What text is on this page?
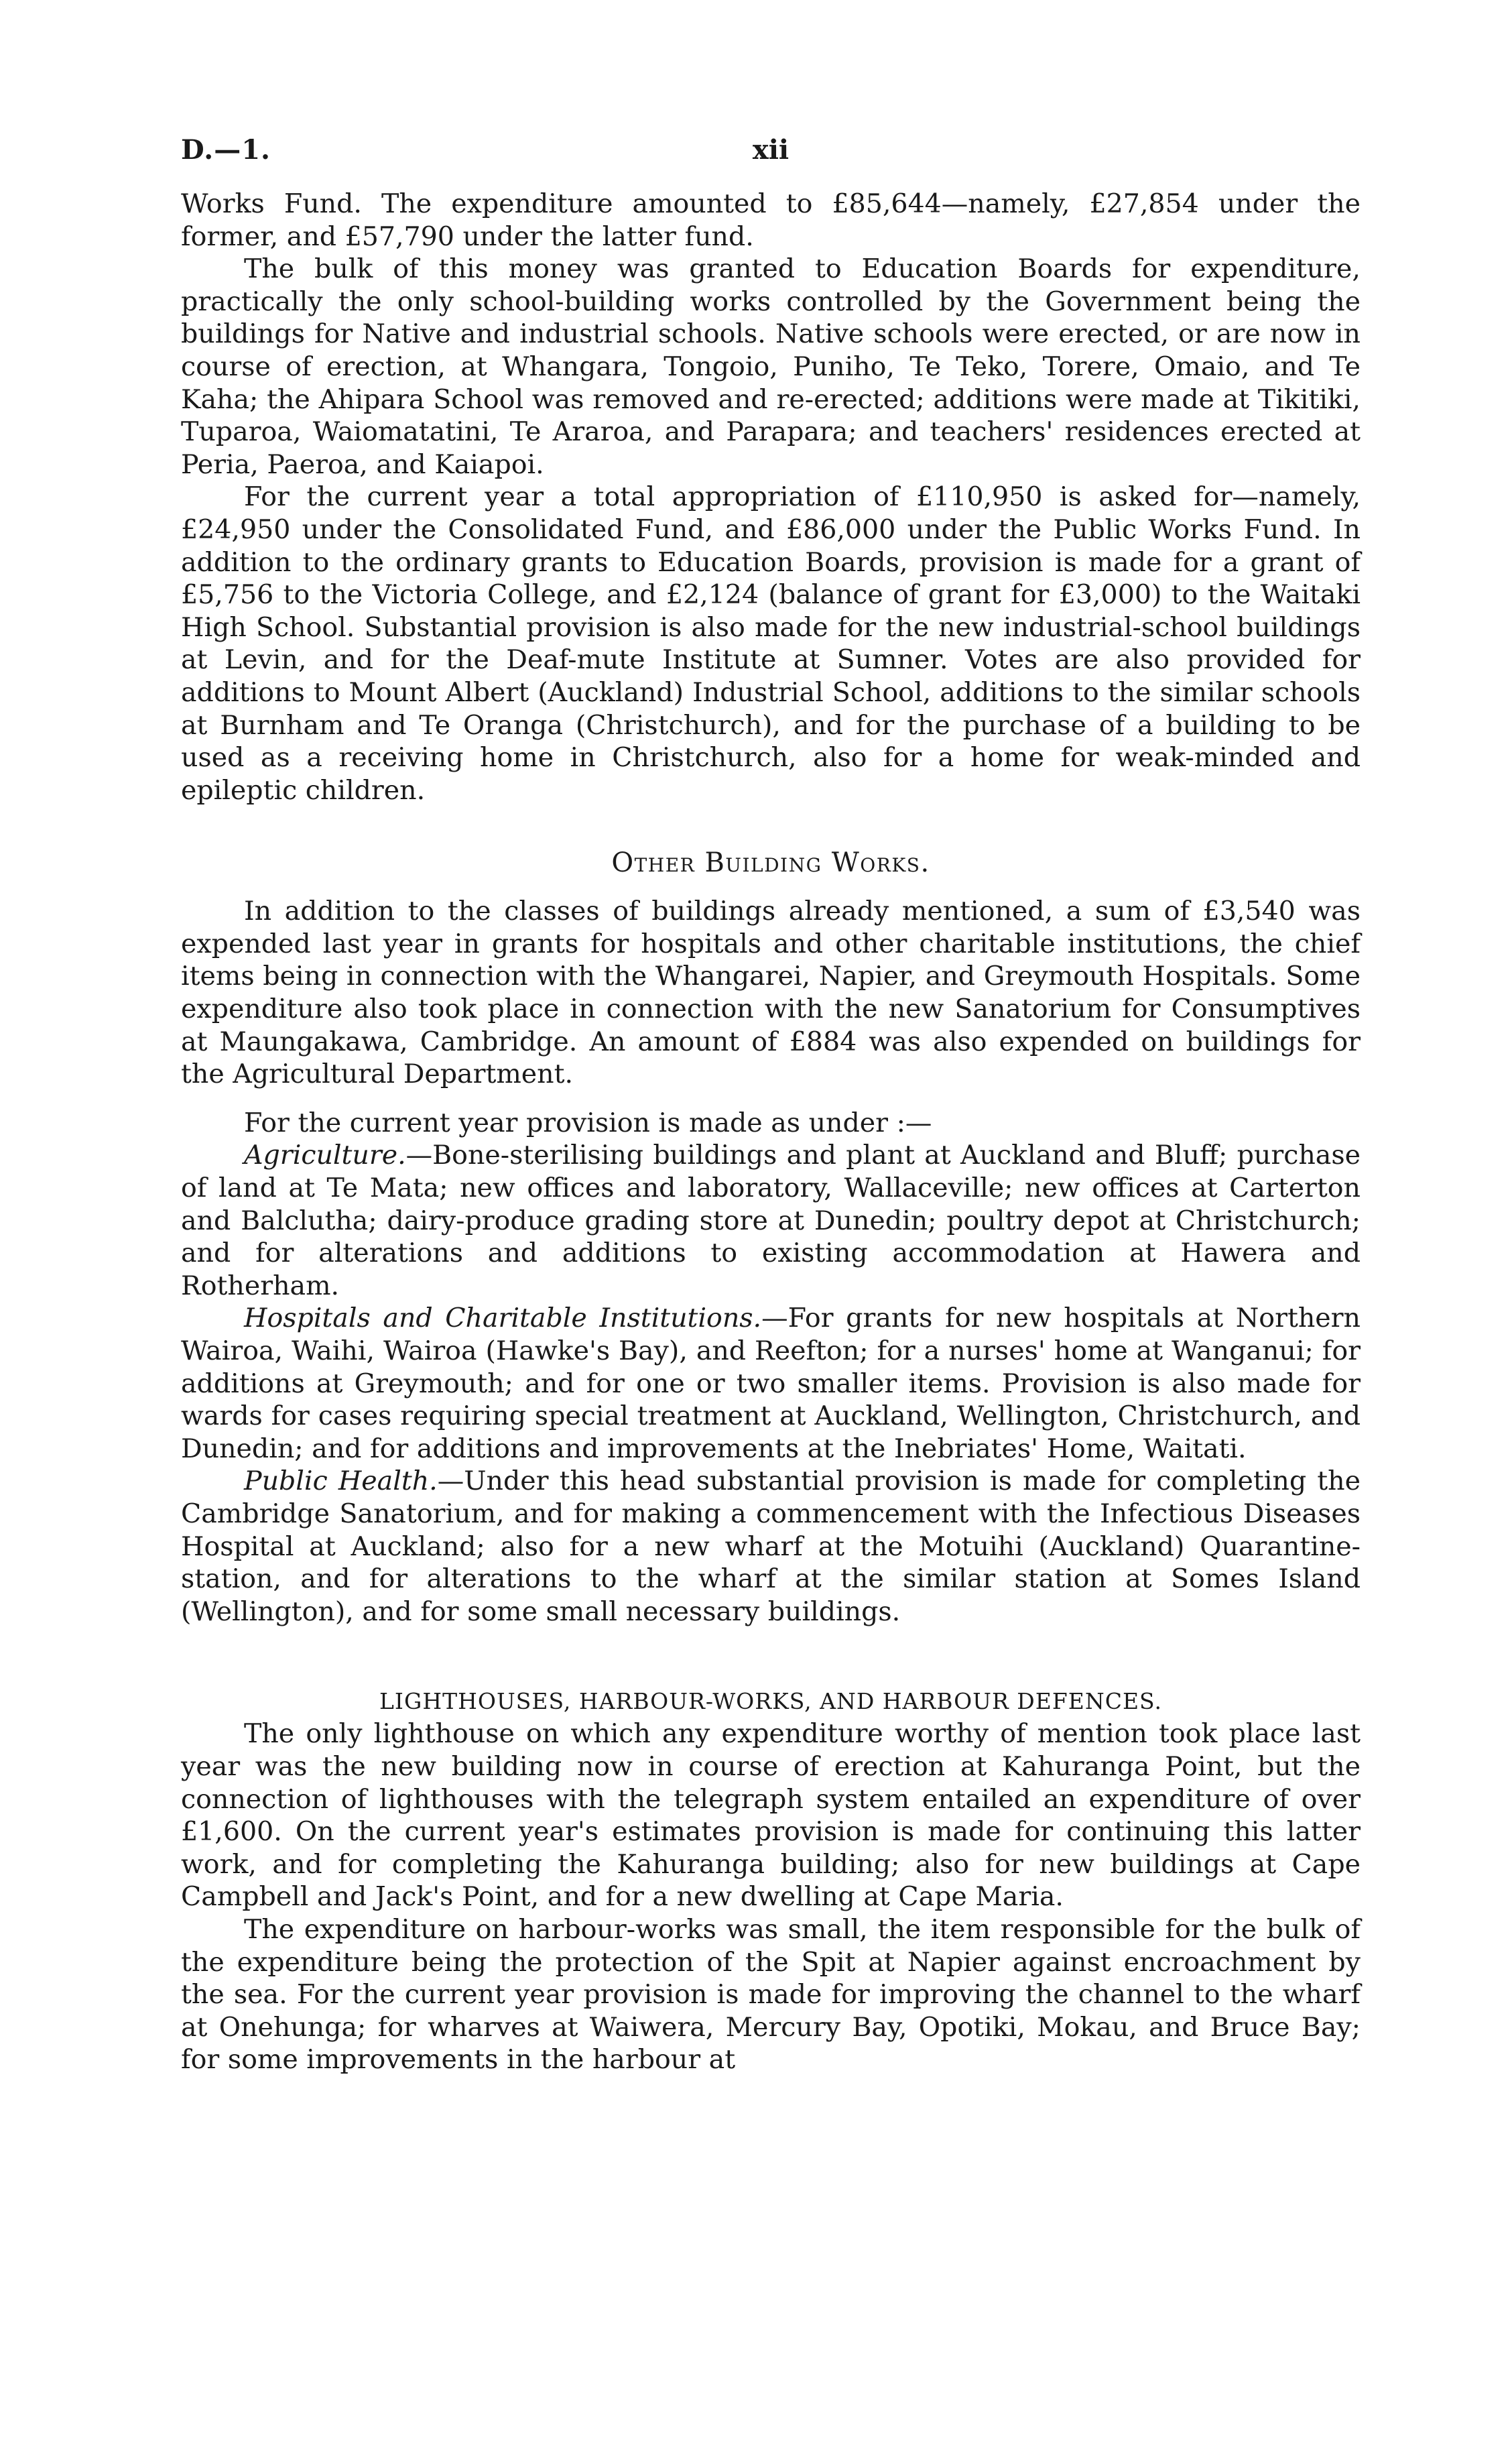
D.—1.	xii

Works Fund. The expenditure amounted to £85,644—namely, £27,854 under the former, and £57,790 under the latter fund.

The bulk of this money was granted to Education Boards for expenditure, practically the only school-building works controlled by the Government being the buildings for Native and industrial schools. Native schools were erected, or are now in course of erection, at Whangara, Tongoio, Puniho, Te Teko, Torere, Omaio, and Te Kaha; the Ahipara School was removed and re-erected; additions were made at Tikitiki, Tuparoa, Waiomatatini, Te Araroa, and Parapara; and teachers' residences erected at Peria, Paeroa, and Kaiapoi.

For the current year a total appropriation of £110,950 is asked for—namely, £24,950 under the Consolidated Fund, and £86,000 under the Public Works Fund. In addition to the ordinary grants to Education Boards, provision is made for a grant of £5,756 to the Victoria College, and £2,124 (balance of grant for £3,000) to the Waitaki High School. Substantial provision is also made for the new industrial-school buildings at Levin, and for the Deaf-mute Institute at Sumner. Votes are also provided for additions to Mount Albert (Auckland) Industrial School, additions to the similar schools at Burnham and Te Oranga (Christchurch), and for the purchase of a building to be used as a receiving home in Christchurch, also for a home for weak-minded and epileptic children.

Other Building Works.

In addition to the classes of buildings already mentioned, a sum of £3,540 was expended last year in grants for hospitals and other charitable institutions, the chief items being in connection with the Whangarei, Napier, and Greymouth Hospitals. Some expenditure also took place in connection with the new Sanatorium for Consumptives at Maungakawa, Cambridge. An amount of £884 was also expended on buildings for the Agricultural Department.

For the current year provision is made as under :—

Agriculture.—Bone-sterilising buildings and plant at Auckland and Bluff; purchase of land at Te Mata; new offices and laboratory, Wallaceville; new offices at Carterton and Balclutha; dairy-produce grading store at Dunedin; poultry depot at Christchurch; and for alterations and additions to existing accommodation at Hawera and Rotherham.

Hospitals and Charitable Institutions.—For grants for new hospitals at Northern Wairoa, Waihi, Wairoa (Hawke's Bay), and Reefton; for a nurses' home at Wanganui; for additions at Greymouth; and for one or two smaller items. Provision is also made for wards for cases requiring special treatment at Auckland, Wellington, Christchurch, and Dunedin; and for additions and improvements at the Inebriates' Home, Waitati.

Public Health.—Under this head substantial provision is made for completing the Cambridge Sanatorium, and for making a commencement with the Infectious Diseases Hospital at Auckland; also for a new wharf at the Motuihi (Auckland) Quarantine-station, and for alterations to the wharf at the similar station at Somes Island (Wellington), and for some small necessary buildings.

LIGHTHOUSES, HARBOUR-WORKS, AND HARBOUR DEFENCES.

The only lighthouse on which any expenditure worthy of mention took place last year was the new building now in course of erection at Kahuranga Point, but the connection of lighthouses with the telegraph system entailed an expenditure of over £1,600. On the current year's estimates provision is made for continuing this latter work, and for completing the Kahuranga building; also for new buildings at Cape Campbell and Jack's Point, and for a new dwelling at Cape Maria.

The expenditure on harbour-works was small, the item responsible for the bulk of the expenditure being the protection of the Spit at Napier against encroachment by the sea. For the current year provision is made for improving the channel to the wharf at Onehunga; for wharves at Waiwera, Mercury Bay, Opotiki, Mokau, and Bruce Bay; for some improvements in the harbour at
